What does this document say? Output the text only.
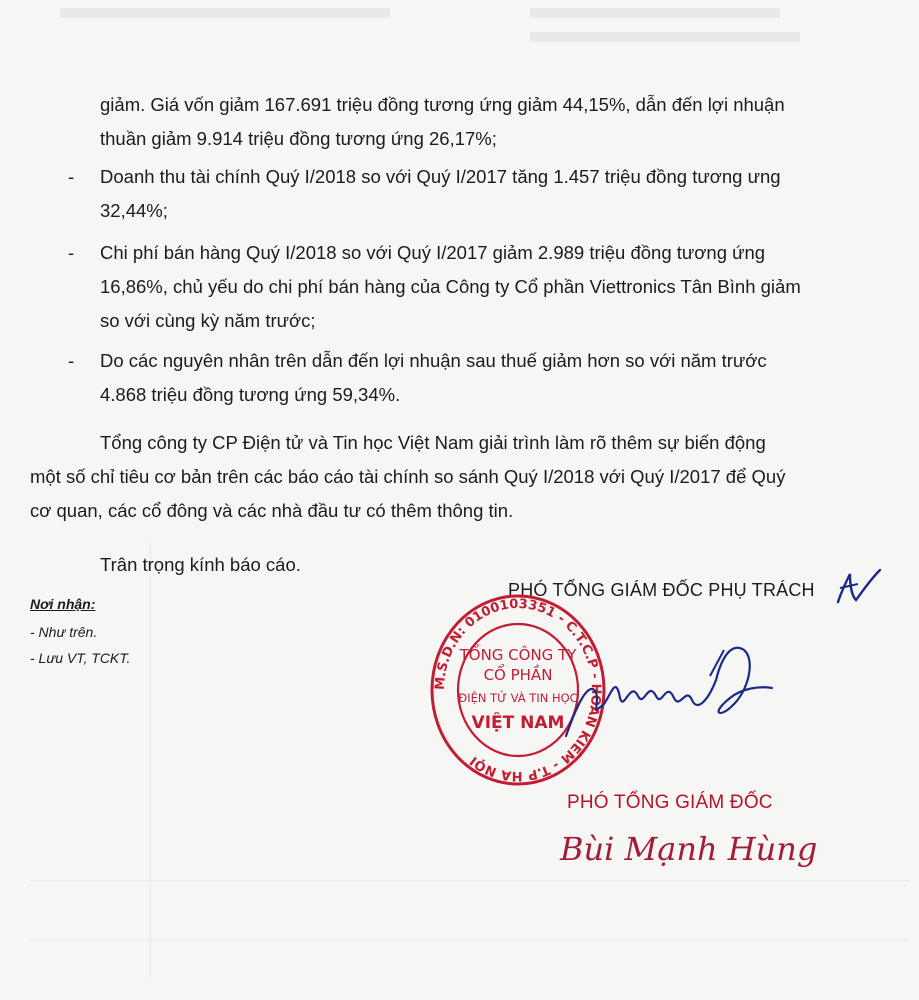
giảm. Giá vốn giảm 167.691 triệu đồng tương ứng giảm 44,15%, dẫn đến lợi nhuận

thuần giảm 9.914 triệu đồng tương ứng 26,17%;

- Doanh thu tài chính Quý I/2018 so với Quý I/2017 tăng 1.457 triệu đồng tương ưng

32,44%;

- Chi phí bán hàng Quý I/2018 so với Quý I/2017 giảm 2.989 triệu đồng tương ứng

16,86%, chủ yếu do chi phí bán hàng của Công ty Cổ phần Viettronics Tân Bình giảm

so với cùng kỳ năm trước;

- Do các nguyên nhân trên dẫn đến lợi nhuận sau thuế giảm hơn so với năm trước

4.868 triệu đồng tương ứng 59,34%.

Tổng công ty CP Điện tử và Tin học Việt Nam giải trình làm rõ thêm sự biến động

một số chỉ tiêu cơ bản trên các báo cáo tài chính so sánh Quý I/2018 với Quý I/2017 để Quý

cơ quan, các cổ đông và các nhà đầu tư có thêm thông tin.

Trân trọng kính báo cáo.

Nơi nhận:
- Như trên.
- Lưu VT, TCKT.
PHÓ TỔNG GIÁM ĐỐC PHỤ TRÁCH
M.S.D.N: 0100103351 - C.T.C.P - HOÀN KIẾM - T.P HÀ NỘI
TỔNG CÔNG TY
CỔ PHẦN
ĐIỆN TỬ VÀ TIN HỌC
VIỆT NAM
PHÓ TỔNG GIÁM ĐỐC
Bùi Mạnh Hùng
